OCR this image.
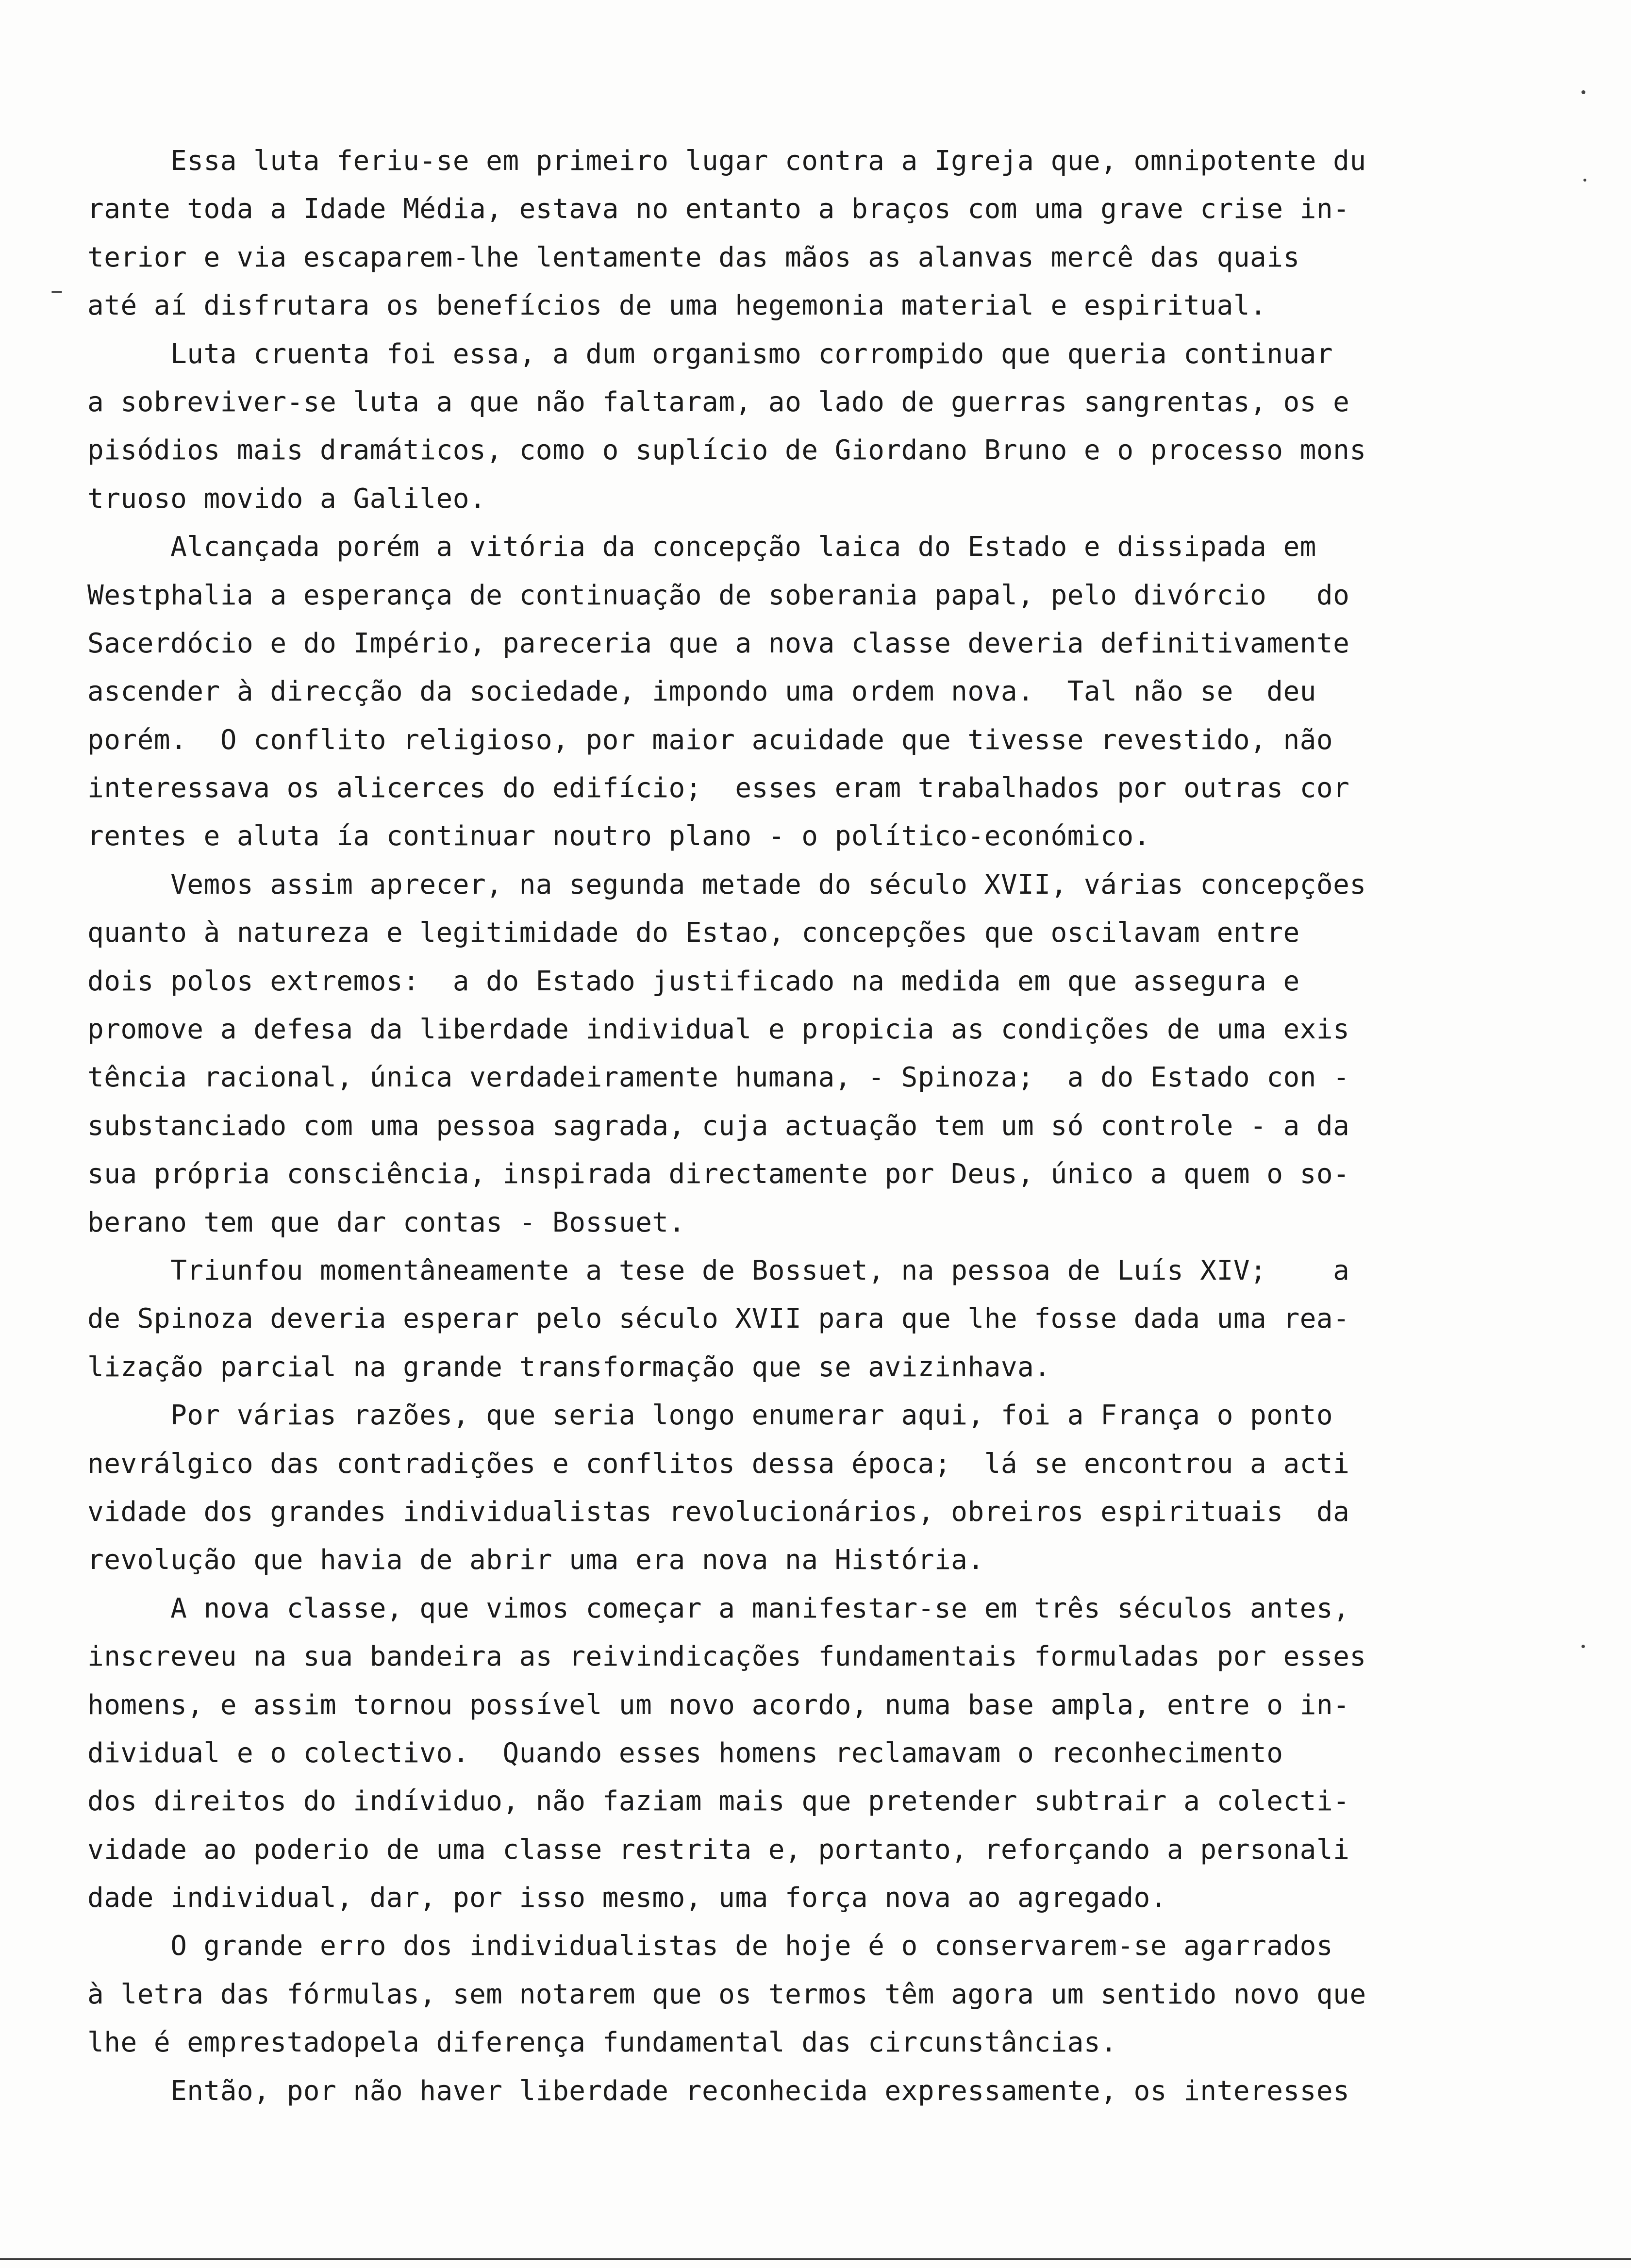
Essa luta feriu-se em primeiro lugar contra a Igreja que, omnipotente du
rante toda a Idade Média, estava no entanto a braços com uma grave crise in-
terior e via escaparem-lhe lentamente das mãos as alanvas mercê das quais
até aí disfrutara os benefícios de uma hegemonia material e espiritual.
Luta cruenta foi essa, a dum organismo corrompido que queria continuar
a sobreviver-se luta a que não faltaram, ao lado de guerras sangrentas, os e
pisódios mais dramáticos, como o suplício de Giordano Bruno e o processo mons
truoso movido a Galileo.
Alcançada porém a vitória da concepção laica do Estado e dissipada em
Westphalia a esperança de continuação de soberania papal, pelo divórcio   do
Sacerdócio e do Império, pareceria que a nova classe deveria definitivamente
ascender à direcção da sociedade, impondo uma ordem nova.  Tal não se  deu
porém.  O conflito religioso, por maior acuidade que tivesse revestido, não
interessava os alicerces do edifício;  esses eram trabalhados por outras cor
rentes e aluta ía continuar noutro plano - o político-económico.
Vemos assim aprecer, na segunda metade do século XVII, várias concepções
quanto à natureza e legitimidade do Estao, concepções que oscilavam entre
dois polos extremos:  a do Estado justificado na medida em que assegura e
promove a defesa da liberdade individual e propicia as condições de uma exis
tência racional, única verdadeiramente humana, - Spinoza;  a do Estado con -
substanciado com uma pessoa sagrada, cuja actuação tem um só controle - a da
sua própria consciência, inspirada directamente por Deus, único a quem o so-
berano tem que dar contas - Bossuet.
Triunfou momentâneamente a tese de Bossuet, na pessoa de Luís XIV;    a
de Spinoza deveria esperar pelo século XVII para que lhe fosse dada uma rea-
lização parcial na grande transformação que se avizinhava.
Por várias razões, que seria longo enumerar aqui, foi a França o ponto
nevrálgico das contradições e conflitos dessa época;  lá se encontrou a acti
vidade dos grandes individualistas revolucionários, obreiros espirituais  da
revolução que havia de abrir uma era nova na História.
A nova classe, que vimos começar a manifestar-se em três séculos antes,
inscreveu na sua bandeira as reivindicações fundamentais formuladas por esses
homens, e assim tornou possível um novo acordo, numa base ampla, entre o in-
dividual e o colectivo.  Quando esses homens reclamavam o reconhecimento
dos direitos do indíviduo, não faziam mais que pretender subtrair a colecti-
vidade ao poderio de uma classe restrita e, portanto, reforçando a personali
dade individual, dar, por isso mesmo, uma força nova ao agregado.
O grande erro dos individualistas de hoje é o conservarem-se agarrados
à letra das fórmulas, sem notarem que os termos têm agora um sentido novo que
lhe é emprestadopela diferença fundamental das circunstâncias.
Então, por não haver liberdade reconhecida expressamente, os interesses
